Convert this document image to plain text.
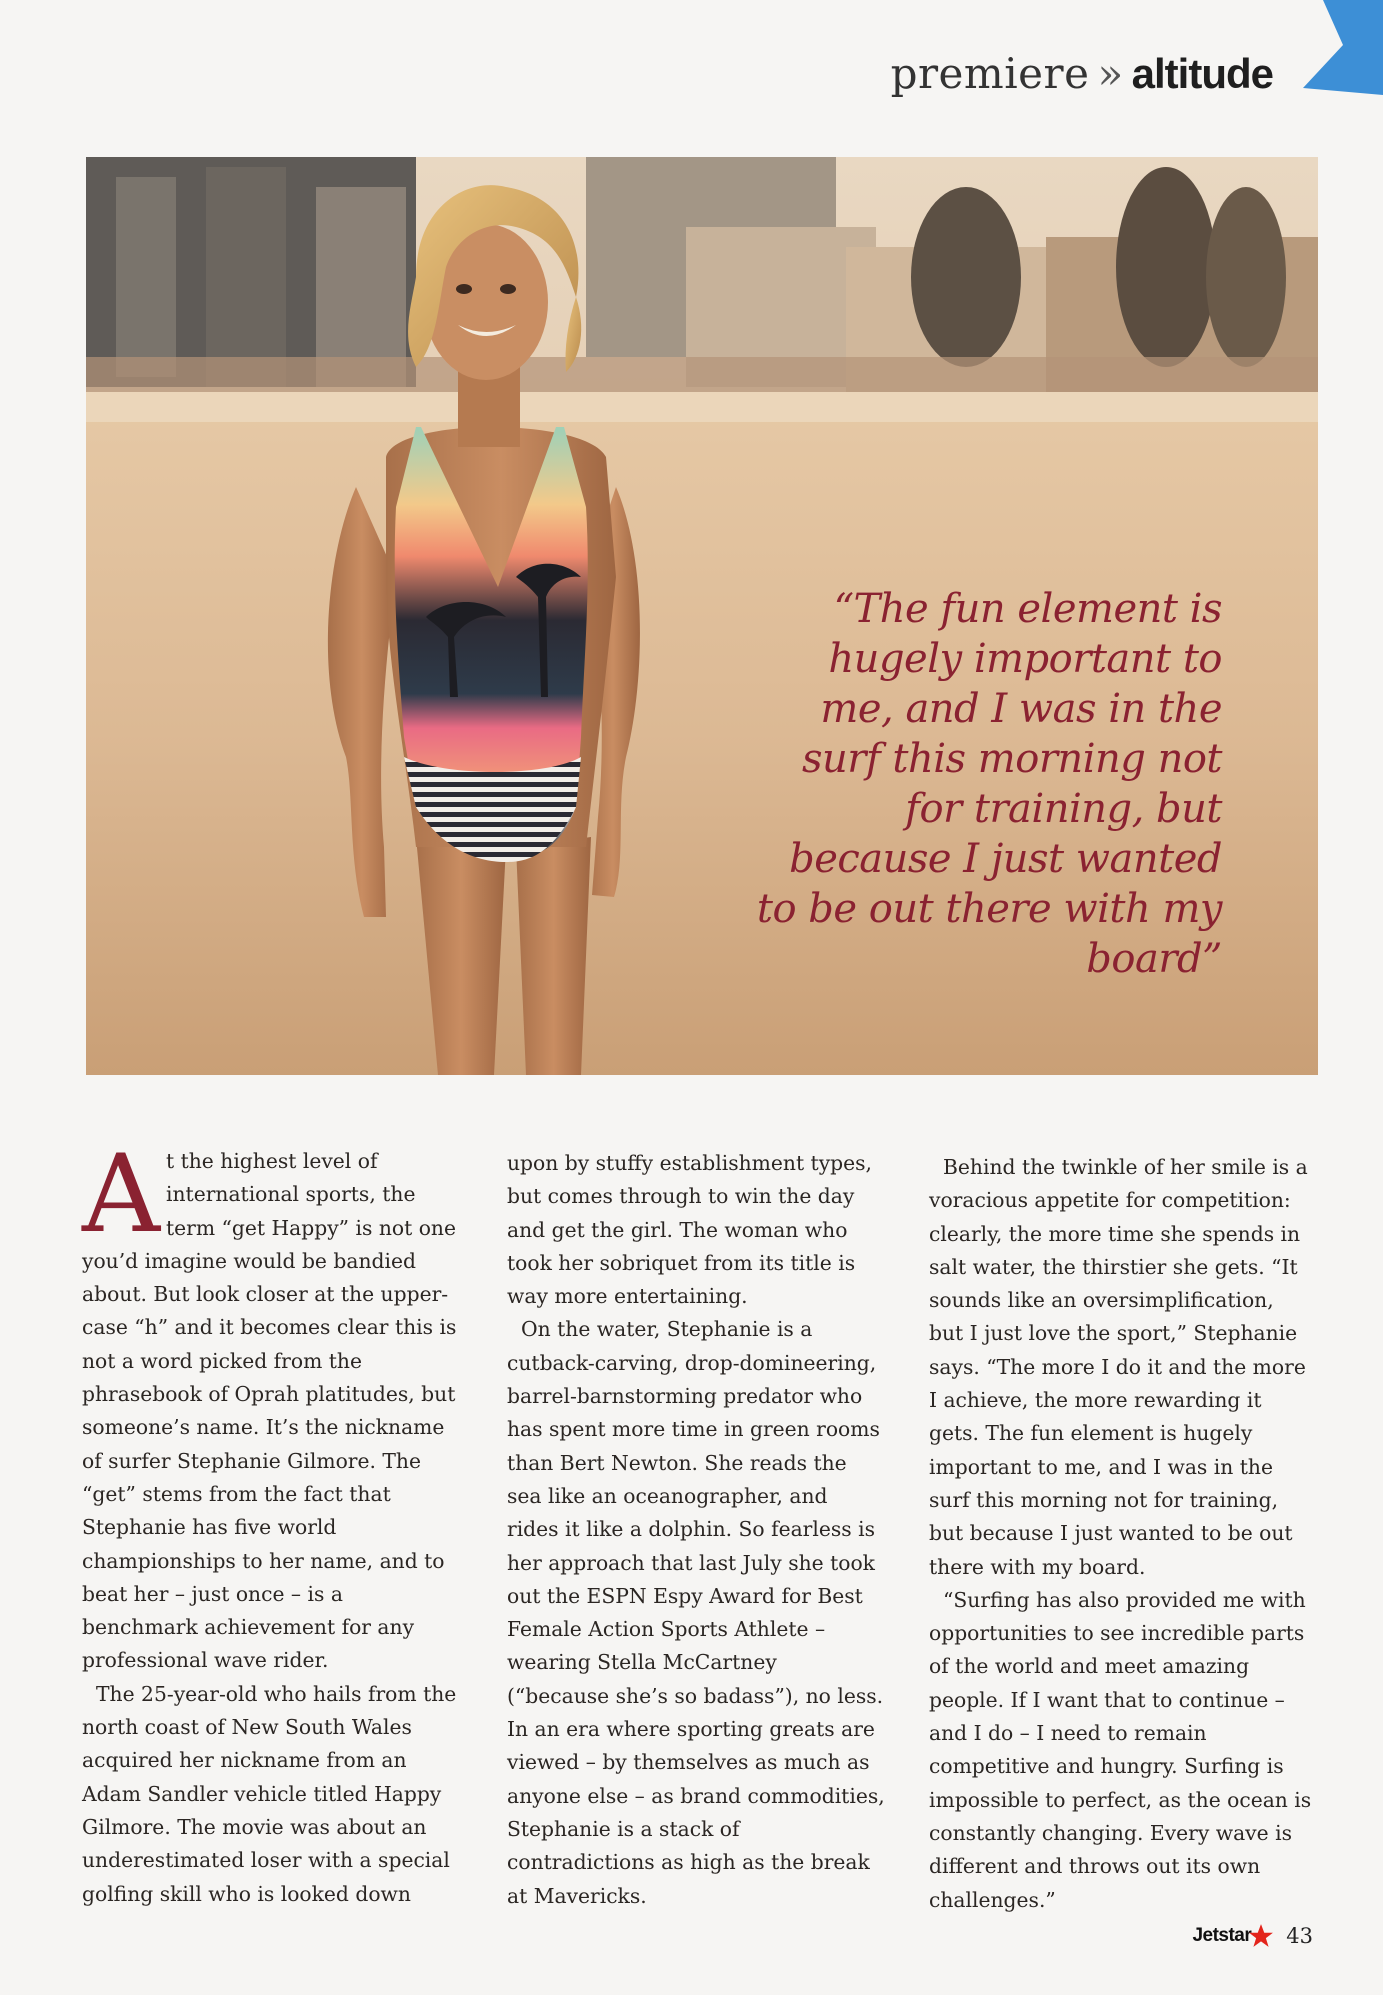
premiere » altitude
“The fun element is hugely important to me, and I was in the surf this morning not for training, but because I just wanted to be out there with my board”

At the highest level of international sports, the term “get Happy” is not one you’d imagine would be bandied about. But look closer at the upper-case “h” and it becomes clear this is not a word picked from the phrasebook of Oprah platitudes, but someone’s name. It’s the nickname of surfer Stephanie Gilmore. The “get” stems from the fact that Stephanie has five world championships to her name, and to beat her – just once – is a benchmark achievement for any professional wave rider.

The 25-year-old who hails from the north coast of New South Wales acquired her nickname from an Adam Sandler vehicle titled Happy Gilmore. The movie was about an underestimated loser with a special golfing skill who is looked down

upon by stuffy establishment types, but comes through to win the day and get the girl. The woman who took her sobriquet from its title is way more entertaining.

On the water, Stephanie is a cutback-carving, drop-domineering, barrel-barnstorming predator who has spent more time in green rooms than Bert Newton. She reads the sea like an oceanographer, and rides it like a dolphin. So fearless is her approach that last July she took out the ESPN Espy Award for Best Female Action Sports Athlete – wearing Stella McCartney (“because she’s so badass”), no less. In an era where sporting greats are viewed – by themselves as much as anyone else – as brand commodities, Stephanie is a stack of contradictions as high as the break at Mavericks.

Behind the twinkle of her smile is a voracious appetite for competition: clearly, the more time she spends in salt water, the thirstier she gets. “It sounds like an oversimplification, but I just love the sport,” Stephanie says. “The more I do it and the more I achieve, the more rewarding it gets. The fun element is hugely important to me, and I was in the surf this morning not for training, but because I just wanted to be out there with my board.

“Surfing has also provided me with opportunities to see incredible parts of the world and meet amazing people. If I want that to continue – and I do – I need to remain competitive and hungry. Surfing is impossible to perfect, as the ocean is constantly changing. Every wave is different and throws out its own challenges.”

Jetstar 43
